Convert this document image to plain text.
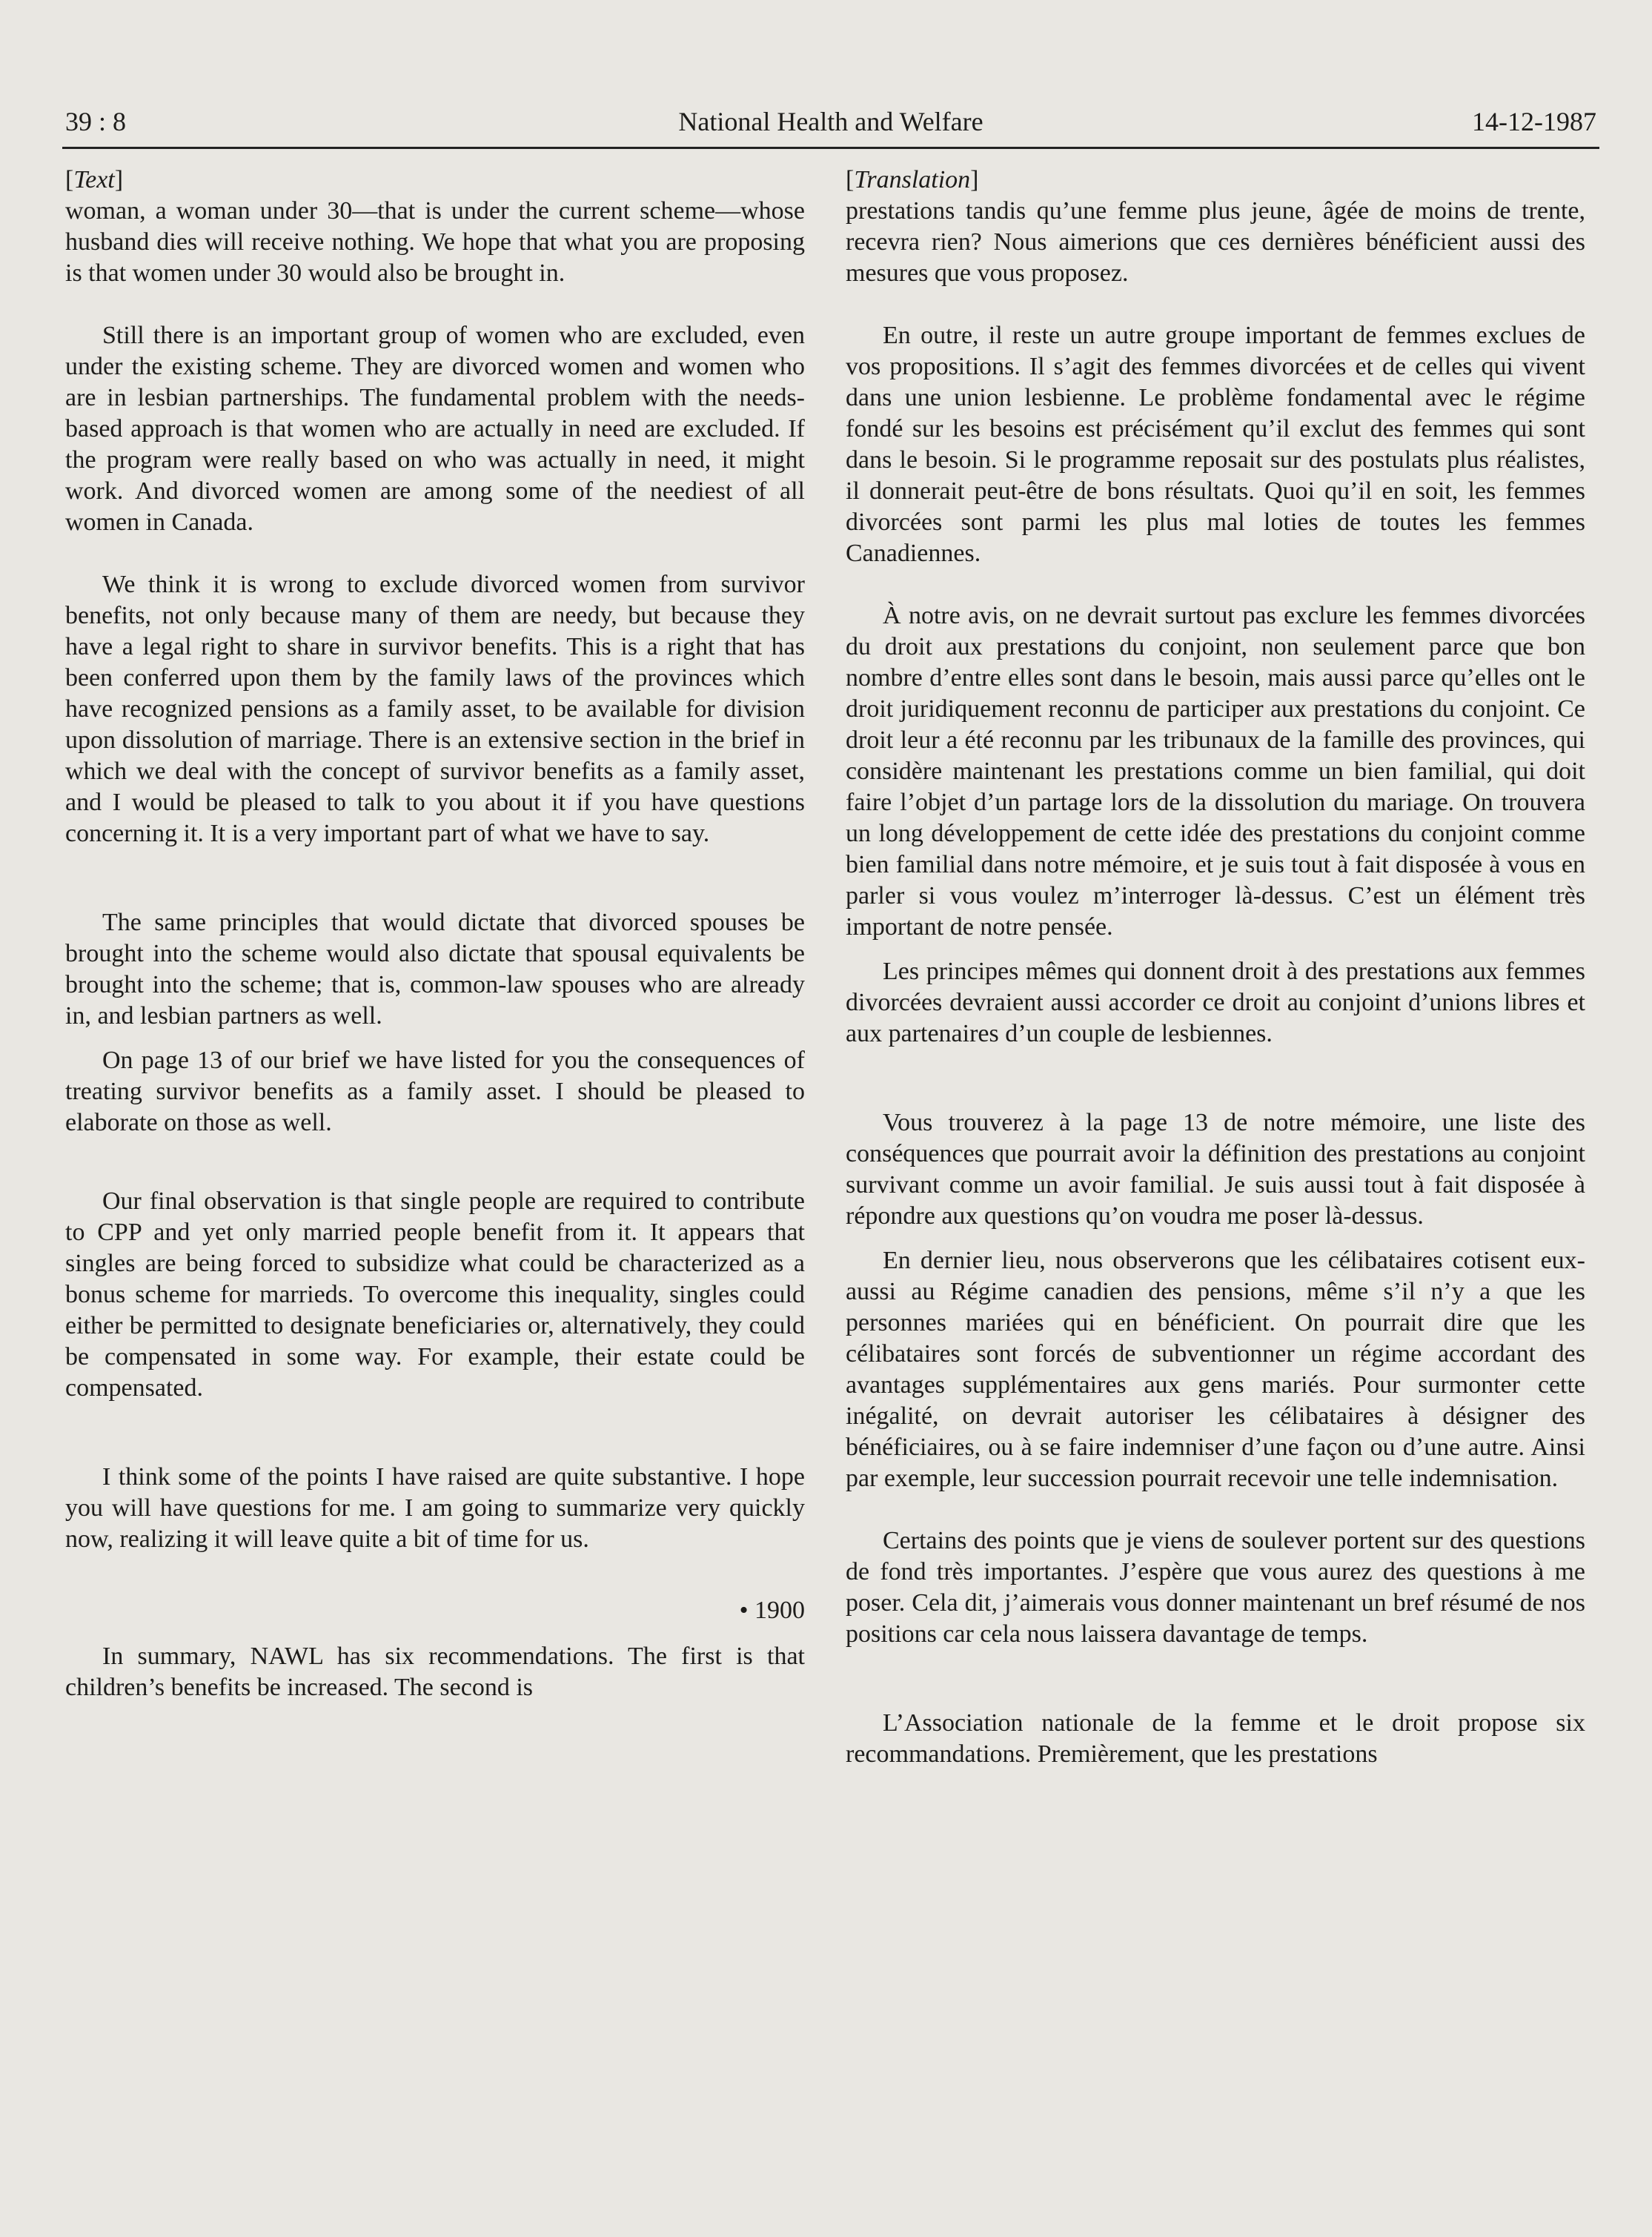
39 : 8	National Health and Welfare	14-12-1987
[Text]

woman, a woman under 30—that is under the current scheme—whose husband dies will receive nothing. We hope that what you are proposing is that women under 30 would also be brought in.

Still there is an important group of women who are excluded, even under the existing scheme. They are divorced women and women who are in lesbian partnerships. The fundamental problem with the needs-based approach is that women who are actually in need are excluded. If the program were really based on who was actually in need, it might work. And divorced women are among some of the neediest of all women in Canada.

We think it is wrong to exclude divorced women from survivor benefits, not only because many of them are needy, but because they have a legal right to share in survivor benefits. This is a right that has been conferred upon them by the family laws of the provinces which have recognized pensions as a family asset, to be available for division upon dissolution of marriage. There is an extensive section in the brief in which we deal with the concept of survivor benefits as a family asset, and I would be pleased to talk to you about it if you have questions concerning it. It is a very important part of what we have to say.

The same principles that would dictate that divorced spouses be brought into the scheme would also dictate that spousal equivalents be brought into the scheme; that is, common-law spouses who are already in, and lesbian partners as well.

On page 13 of our brief we have listed for you the consequences of treating survivor benefits as a family asset. I should be pleased to elaborate on those as well.

Our final observation is that single people are required to contribute to CPP and yet only married people benefit from it. It appears that singles are being forced to subsidize what could be characterized as a bonus scheme for marrieds. To overcome this inequality, singles could either be permitted to designate beneficiaries or, alternatively, they could be compensated in some way. For example, their estate could be compensated.

I think some of the points I have raised are quite substantive. I hope you will have questions for me. I am going to summarize very quickly now, realizing it will leave quite a bit of time for us.

• 1900

In summary, NAWL has six recommendations. The first is that children’s benefits be increased. The second is

[Translation]

prestations tandis qu’une femme plus jeune, âgée de moins de trente, recevra rien? Nous aimerions que ces dernières bénéficient aussi des mesures que vous proposez.

En outre, il reste un autre groupe important de femmes exclues de vos propositions. Il s’agit des femmes divorcées et de celles qui vivent dans une union lesbienne. Le problème fondamental avec le régime fondé sur les besoins est précisément qu’il exclut des femmes qui sont dans le besoin. Si le programme reposait sur des postulats plus réalistes, il donnerait peut-être de bons résultats. Quoi qu’il en soit, les femmes divorcées sont parmi les plus mal loties de toutes les femmes Canadiennes.

À notre avis, on ne devrait surtout pas exclure les femmes divorcées du droit aux prestations du conjoint, non seulement parce que bon nombre d’entre elles sont dans le besoin, mais aussi parce qu’elles ont le droit juridiquement reconnu de participer aux prestations du conjoint. Ce droit leur a été reconnu par les tribunaux de la famille des provinces, qui considère maintenant les prestations comme un bien familial, qui doit faire l’objet d’un partage lors de la dissolution du mariage. On trouvera un long développement de cette idée des prestations du conjoint comme bien familial dans notre mémoire, et je suis tout à fait disposée à vous en parler si vous voulez m’interroger là-dessus. C’est un élément très important de notre pensée.

Les principes mêmes qui donnent droit à des prestations aux femmes divorcées devraient aussi accorder ce droit au conjoint d’unions libres et aux partenaires d’un couple de lesbiennes.

Vous trouverez à la page 13 de notre mémoire, une liste des conséquences que pourrait avoir la définition des prestations au conjoint survivant comme un avoir familial. Je suis aussi tout à fait disposée à répondre aux questions qu’on voudra me poser là-dessus.

En dernier lieu, nous observerons que les célibataires cotisent eux-aussi au Régime canadien des pensions, même s’il n’y a que les personnes mariées qui en bénéficient. On pourrait dire que les célibataires sont forcés de subventionner un régime accordant des avantages supplémentaires aux gens mariés. Pour surmonter cette inégalité, on devrait autoriser les célibataires à désigner des bénéficiaires, ou à se faire indemniser d’une façon ou d’une autre. Ainsi par exemple, leur succession pourrait recevoir une telle indemnisation.

Certains des points que je viens de soulever portent sur des questions de fond très importantes. J’espère que vous aurez des questions à me poser. Cela dit, j’aimerais vous donner maintenant un bref résumé de nos positions car cela nous laissera davantage de temps.

L’Association nationale de la femme et le droit propose six recommandations. Premièrement, que les prestations
